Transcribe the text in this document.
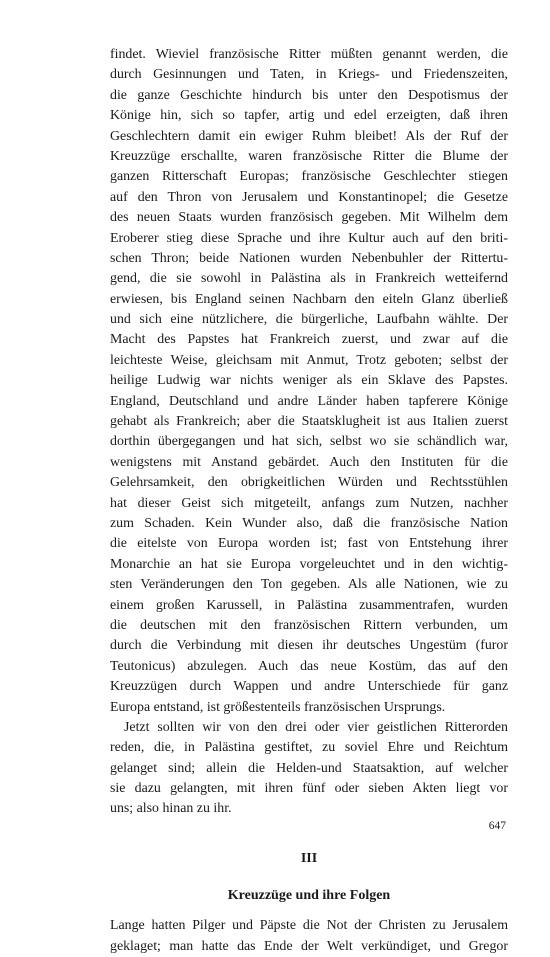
findet. Wieviel französische Ritter müßten genannt werden, die
durch Gesinnungen und Taten, in Kriegs- und Friedenszeiten,
die ganze Geschichte hindurch bis unter den Despotismus der
Könige hin, sich so tapfer, artig und edel erzeigten, daß ihren
Geschlechtern damit ein ewiger Ruhm bleibet! Als der Ruf der
Kreuzzüge erschallte, waren französische Ritter die Blume der
ganzen Ritterschaft Europas; französische Geschlechter stiegen
auf den Thron von Jerusalem und Konstantinopel; die Gesetze
des neuen Staats wurden französisch gegeben. Mit Wilhelm dem
Eroberer stieg diese Sprache und ihre Kultur auch auf den briti-
schen Thron; beide Nationen wurden Nebenbuhler der Rittertu-
gend, die sie sowohl in Palästina als in Frankreich wetteifernd
erwiesen, bis England seinen Nachbarn den eiteln Glanz überließ
und sich eine nützlichere, die bürgerliche, Laufbahn wählte. Der
Macht des Papstes hat Frankreich zuerst, und zwar auf die
leichteste Weise, gleichsam mit Anmut, Trotz geboten; selbst der
heilige Ludwig war nichts weniger als ein Sklave des Papstes.
England, Deutschland und andre Länder haben tapferere Könige
gehabt als Frankreich; aber die Staatsklugheit ist aus Italien zuerst
dorthin übergegangen und hat sich, selbst wo sie schändlich war,
wenigstens mit Anstand gebärdet. Auch den Instituten für die
Gelehrsamkeit, den obrigkeitlichen Würden und Rechtsstühlen
hat dieser Geist sich mitgeteilt, anfangs zum Nutzen, nachher
zum Schaden. Kein Wunder also, daß die französische Nation
die eitelste von Europa worden ist; fast von Entstehung ihrer
Monarchie an hat sie Europa vorgeleuchtet und in den wichtig-
sten Veränderungen den Ton gegeben. Als alle Nationen, wie zu
einem großen Karussell, in Palästina zusammentrafen, wurden
die deutschen mit den französischen Rittern verbunden, um
durch die Verbindung mit diesen ihr deutsches Ungestüm (furor
Teutonicus) abzulegen. Auch das neue Kostüm, das auf den
Kreuzzügen durch Wappen und andre Unterschiede für ganz
Europa entstand, ist größestenteils französischen Ursprungs.
Jetzt sollten wir von den drei oder vier geistlichen Ritterorden
reden, die, in Palästina gestiftet, zu soviel Ehre und Reichtum
gelanget sind; allein die Helden-und Staatsaktion, auf welcher
sie dazu gelangten, mit ihren fünf oder sieben Akten liegt vor
uns; also hinan zu ihr.
III
Kreuzzüge und ihre Folgen
Lange hatten Pilger und Päpste die Not der Christen zu Jerusalem
geklaget; man hatte das Ende der Welt verkündiget, und Gregor
647
